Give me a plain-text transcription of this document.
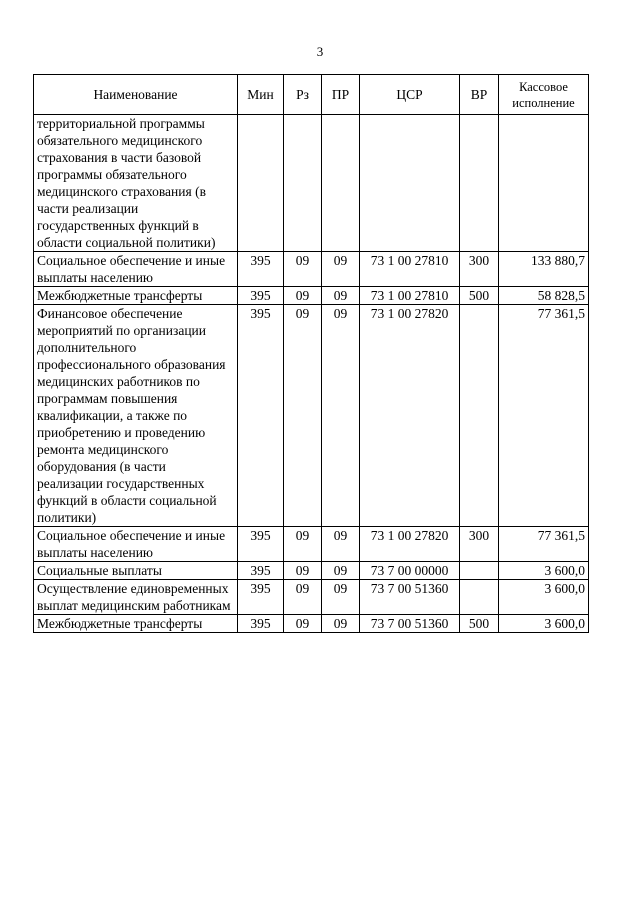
3
Наименование	Мин	Рз	ПР	ЦСР	ВР	Кассовое исполнение
территориальной программы обязательного медицинского страхования в части базовой программы обязательного медицинского страхования (в части реализации государственных функций в области социальной политики)						
Социальное обеспечение и иные выплаты населению	395	09	09	73 1 00 27810	300	133 880,7
Межбюджетные трансферты	395	09	09	73 1 00 27810	500	58 828,5
Финансовое обеспечение мероприятий по организации дополнительного профессионального образования медицинских работников по программам повышения квалификации, а также по приобретению и проведению ремонта медицинского оборудования (в части реализации государственных функций в области социальной политики)	395	09	09	73 1 00 27820		77 361,5
Социальное обеспечение и иные выплаты населению	395	09	09	73 1 00 27820	300	77 361,5
Социальные выплаты	395	09	09	73 7 00 00000		3 600,0
Осуществление единовременных выплат медицинским работникам	395	09	09	73 7 00 51360		3 600,0
Межбюджетные трансферты	395	09	09	73 7 00 51360	500	3 600,0
